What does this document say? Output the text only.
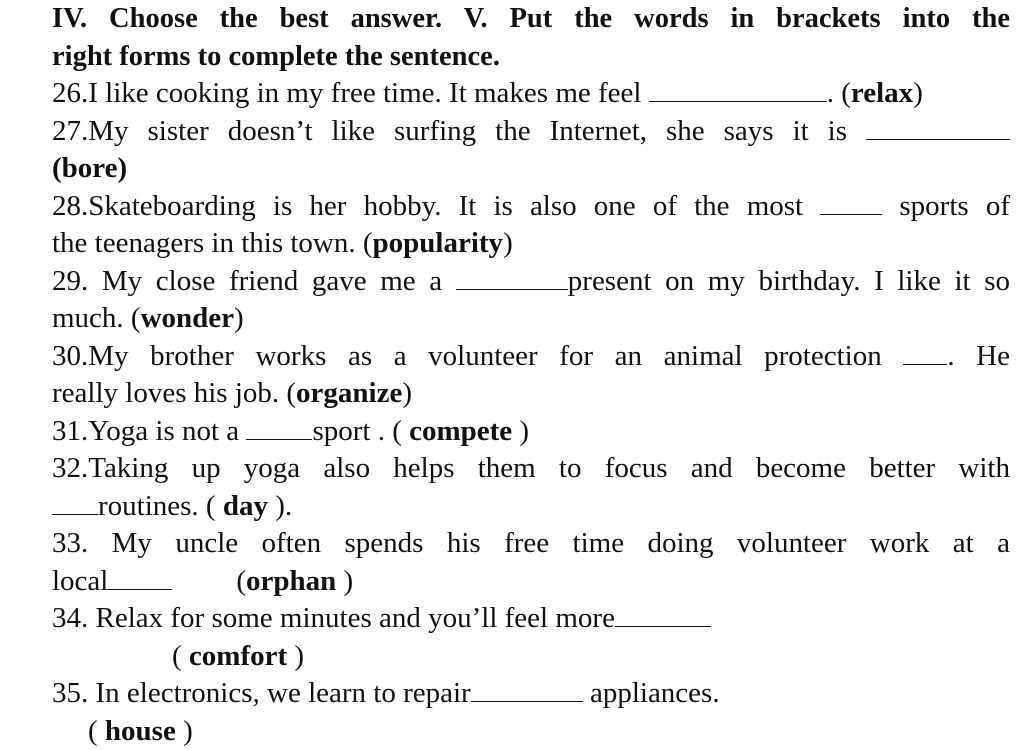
IV. Choose the best answer. V. Put the words in brackets into the
right forms to complete the sentence.

26.I like cooking in my free time. It makes me feel	. (relax)

27.My sister doesn’t like surfing the Internet, she says it is
(bore)

28.Skateboarding is her hobby. It is also one of the most  sports of
the teenagers in this town. (popularity)

29. My close friend gave me a	present on my birthday. I like it so
much. (wonder)

30.My brother works as a volunteer for an animal protection . He
really loves his job. (organize)

31.Yoga is not a sport . ( compete )

32.Taking up yoga also helps them to focus and become better with
routines. ( day ).

33. My uncle often spends his free time doing volunteer work at a
local	(orphan )

34. Relax for some minutes and you’ll feel more
( comfort )

35. In electronics, we learn to repair	appliances.
( house )
